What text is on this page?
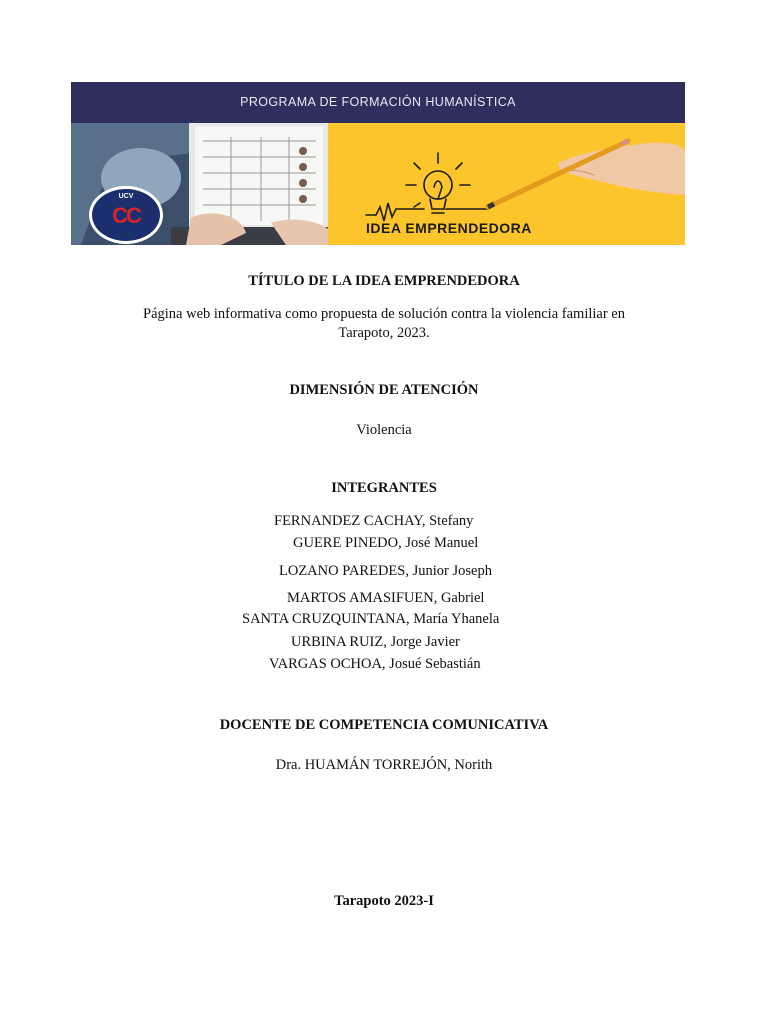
PROGRAMA DE FORMACIÓN HUMANÍSTICA
UCV
CC	IDEA EMPRENDEDORA
TÍTULO DE LA IDEA EMPRENDEDORA
Página web informativa como propuesta de solución contra la violencia familiar en
Tarapoto, 2023.
DIMENSIÓN DE ATENCIÓN
Violencia
INTEGRANTES
FERNANDEZ CACHAY, Stefany
GUERE PINEDO, José Manuel
LOZANO PAREDES, Junior Joseph
MARTOS AMASIFUEN, Gabriel
SANTA CRUZQUINTANA, María Yhanela
URBINA RUIZ, Jorge Javier
VARGAS OCHOA, Josué Sebastián
DOCENTE DE COMPETENCIA COMUNICATIVA
Dra. HUAMÁN TORREJÓN, Norith
Tarapoto 2023-I
